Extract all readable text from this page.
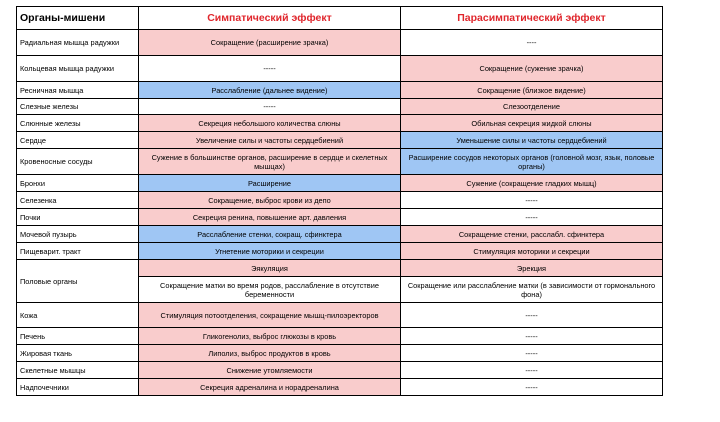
Органы-мишени	Симпатический эффект	Парасимпатический эффект
Радиальная мышца радужки	Сокращение (расширение зрачка)	----
Кольцевая мышца радужки	-----	Сокращение (сужение зрачка)
Ресничная мышца	Расслабление (дальнее видение)	Сокращение (близкое видение)
Слезные железы	-----	Слезоотделение
Слюнные железы	Секреция небольшого количества слюны	Обильная секреция жидкой слюны
Сердце	Увеличение силы и частоты сердцебиений	Уменьшение силы и частоты сердцебиений
Кровеносные сосуды	Сужение в большинстве органов, расширение в сердце и скелетных мышцах)	Расширение сосудов некоторых органов (головной мозг, язык, половые органы)
Бронхи	Расширение	Сужение (сокращение гладких мышц)
Селезенка	Сокращение, выброс крови из депо	-----
Почки	Секреция ренина, повышение арт. давления	-----
Мочевой пузырь	Расслабление стенки, сокращ. сфинктера	Сокращение стенки, расслабл. сфинктера
Пищеварит. тракт	Угнетение моторики и секреции	Стимуляция моторики и секреции
Половые органы	Эякуляция	Эрекция
	Сокращение матки во время родов, расслабление в отсутствие беременности	Сокращение или расслабление матки (в зависимости от гормонального фона)
Кожа	Стимуляция потоотделения, сокращение мышц-пилоэректоров	-----
Печень	Гликогенолиз, выброс глюкозы в кровь	-----
Жировая ткань	Липолиз, выброс продуктов в кровь	-----
Скелетные мышцы	Снижение утомляемости	-----
Надпочечники	Секреция адреналина и норадреналина	-----
